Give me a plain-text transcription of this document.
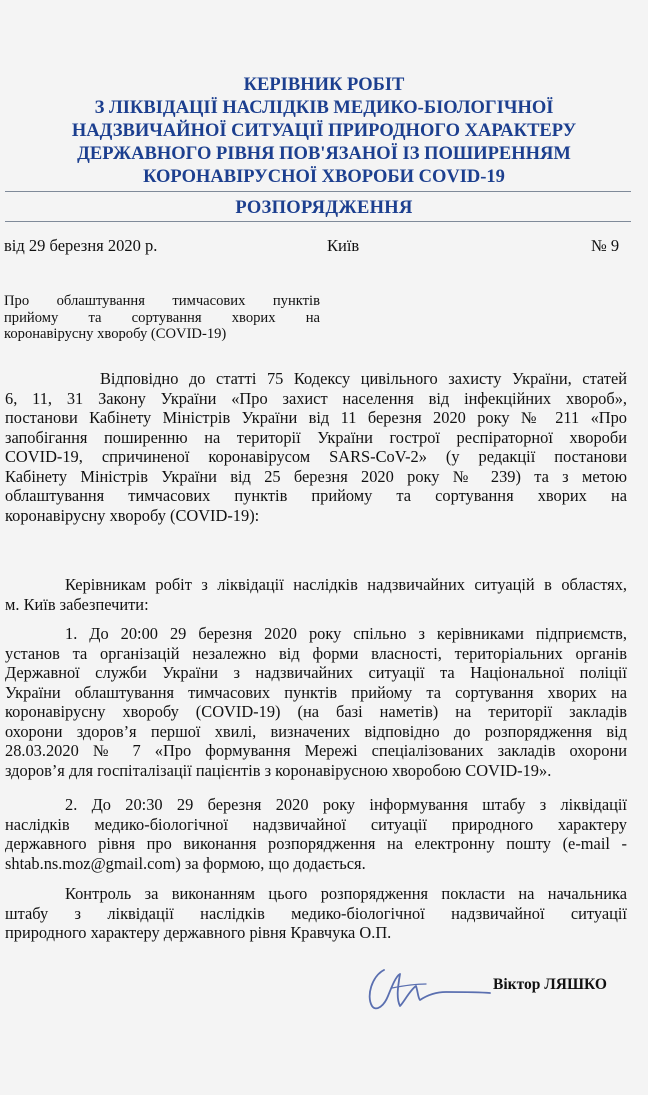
КЕРІВНИК РОБІТ
З ЛІКВІДАЦІЇ НАСЛІДКІВ МЕДИКО-БІОЛОГІЧНОЇ
НАДЗВИЧАЙНОЇ СИТУАЦІЇ ПРИРОДНОГО ХАРАКТЕРУ
ДЕРЖАВНОГО РІВНЯ ПОВ'ЯЗАНОЇ ІЗ ПОШИРЕННЯМ
КОРОНАВІРУСНОЇ ХВОРОБИ COVID-19
РОЗПОРЯДЖЕННЯ
від 29 березня 2020 р.	Київ	№ 9
Про облаштування тимчасових пунктів
прийому та сортування хворих на
коронавірусну хворобу (COVID-19)
Відповідно до статті 75 Кодексу цивільного захисту України, статей
6, 11, 31 Закону України «Про захист населення від інфекційних хвороб»,
постанови Кабінету Міністрів України від 11 березня 2020 року № 211 «Про
запобігання поширенню на території України гострої респіраторної хвороби
COVID-19, спричиненої коронавірусом SARS-CoV-2» (у редакції постанови
Кабінету Міністрів України від 25 березня 2020 року № 239) та з метою
облаштування тимчасових пунктів прийому та сортування хворих на
коронавірусну хворобу (COVID-19):
Керівникам робіт з ліквідації наслідків надзвичайних ситуацій в областях,
м. Київ забезпечити:
1. До 20:00 29 березня 2020 року спільно з керівниками підприємств,
установ та організацій незалежно від форми власності, територіальних органів
Державної служби України з надзвичайних ситуації та Національної поліції
України облаштування тимчасових пунктів прийому та сортування хворих на
коронавірусну хворобу (COVID-19) (на базі наметів) на території закладів
охорони здоров’я першої хвилі, визначених відповідно до розпорядження від
28.03.2020 № 7 «Про формування Мережі спеціалізованих закладів охорони
здоров’я для госпіталізації пацієнтів з коронавірусною хворобою COVID-19».
2. До 20:30 29 березня 2020 року інформування штабу з ліквідації
наслідків медико-біологічної надзвичайної ситуації природного характеру
державного рівня про виконання розпорядження на електронну пошту (e-mail -
shtab.ns.moz@gmail.com) за формою, що додається.
Контроль за виконанням цього розпорядження покласти на начальника
штабу з ліквідації наслідків медико-біологічної надзвичайної ситуації
природного характеру державного рівня Кравчука О.П.
Віктор ЛЯШКО
